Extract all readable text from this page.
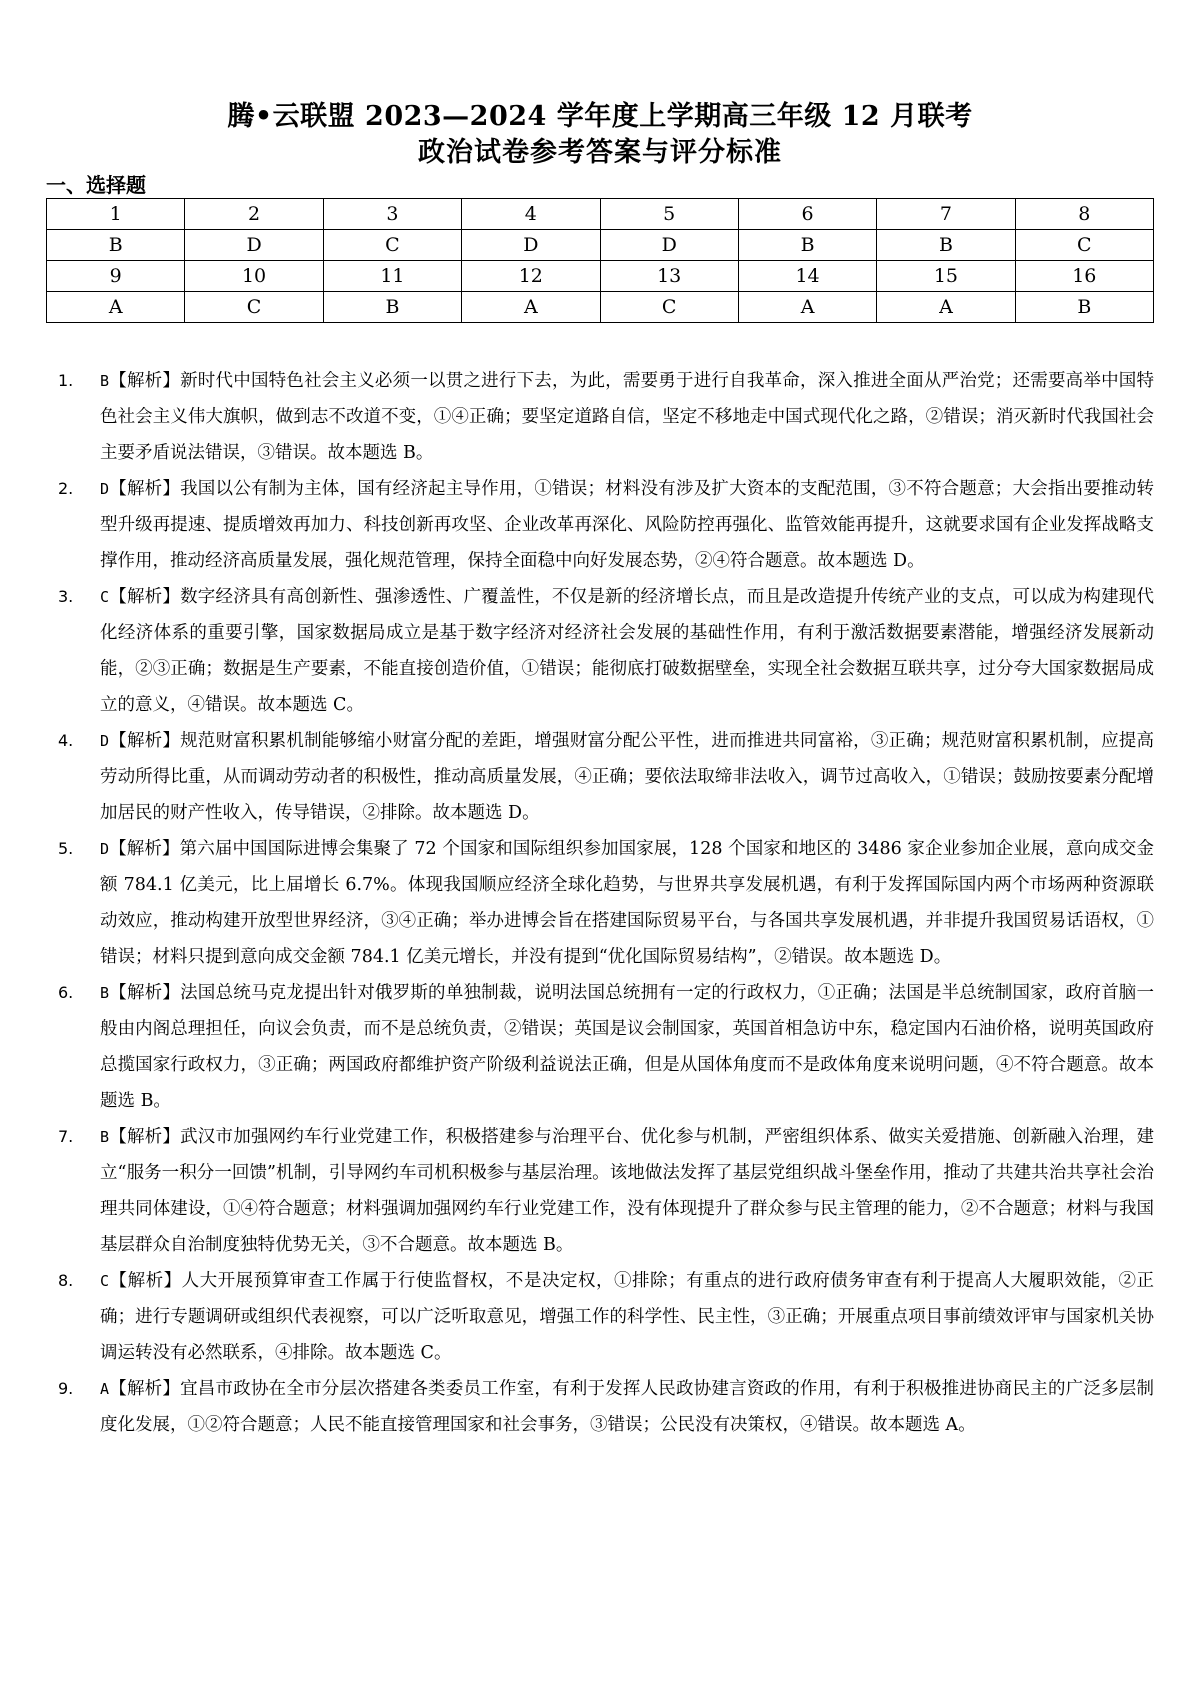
腾•云联盟 2023—2024 学年度上学期高三年级 12 月联考
政治试卷参考答案与评分标准
一、选择题
1	2	3	4	5	6	7	8
B	D	C	D	D	B	B	C
9	10	11	12	13	14	15	16
A	C	B	A	C	A	A	B
1. B【解析】新时代中国特色社会主义必须一以贯之进行下去，为此，需要勇于进行自我革命，深入推进全面从严治党；还需要高举中国特色社会主义伟大旗帜，做到志不改道不变，①④正确；要坚定道路自信，坚定不移地走中国式现代化之路，②错误；消灭新时代我国社会主要矛盾说法错误，③错误。故本题选 B。
2. D【解析】我国以公有制为主体，国有经济起主导作用，①错误；材料没有涉及扩大资本的支配范围，③不符合题意；大会指出要推动转型升级再提速、提质增效再加力、科技创新再攻坚、企业改革再深化、风险防控再强化、监管效能再提升，这就要求国有企业发挥战略支撑作用，推动经济高质量发展，强化规范管理，保持全面稳中向好发展态势，②④符合题意。故本题选 D。
3. C【解析】数字经济具有高创新性、强渗透性、广覆盖性，不仅是新的经济增长点，而且是改造提升传统产业的支点，可以成为构建现代化经济体系的重要引擎，国家数据局成立是基于数字经济对经济社会发展的基础性作用，有利于激活数据要素潜能，增强经济发展新动能，②③正确；数据是生产要素，不能直接创造价值，①错误；能彻底打破数据壁垒，实现全社会数据互联共享，过分夸大国家数据局成立的意义，④错误。故本题选 C。
4. D【解析】规范财富积累机制能够缩小财富分配的差距，增强财富分配公平性，进而推进共同富裕，③正确；规范财富积累机制，应提高劳动所得比重，从而调动劳动者的积极性，推动高质量发展，④正确；要依法取缔非法收入，调节过高收入，①错误；鼓励按要素分配增加居民的财产性收入，传导错误，②排除。故本题选 D。
5. D【解析】第六届中国国际进博会集聚了 72 个国家和国际组织参加国家展，128 个国家和地区的 3486 家企业参加企业展，意向成交金额 784.1 亿美元，比上届增长 6.7%。体现我国顺应经济全球化趋势，与世界共享发展机遇，有利于发挥国际国内两个市场两种资源联动效应，推动构建开放型世界经济，③④正确；举办进博会旨在搭建国际贸易平台，与各国共享发展机遇，并非提升我国贸易话语权，①错误；材料只提到意向成交金额 784.1 亿美元增长，并没有提到“优化国际贸易结构”，②错误。故本题选 D。
6. B【解析】法国总统马克龙提出针对俄罗斯的单独制裁，说明法国总统拥有一定的行政权力，①正确；法国是半总统制国家，政府首脑一般由内阁总理担任，向议会负责，而不是总统负责，②错误；英国是议会制国家，英国首相急访中东，稳定国内石油价格，说明英国政府总揽国家行政权力，③正确；两国政府都维护资产阶级利益说法正确，但是从国体角度而不是政体角度来说明问题，④不符合题意。故本题选 B。
7. B【解析】武汉市加强网约车行业党建工作，积极搭建参与治理平台、优化参与机制，严密组织体系、做实关爱措施、创新融入治理，建立“服务一积分一回馈”机制，引导网约车司机积极参与基层治理。该地做法发挥了基层党组织战斗堡垒作用，推动了共建共治共享社会治理共同体建设，①④符合题意；材料强调加强网约车行业党建工作，没有体现提升了群众参与民主管理的能力，②不合题意；材料与我国基层群众自治制度独特优势无关，③不合题意。故本题选 B。
8. C【解析】人大开展预算审查工作属于行使监督权，不是决定权，①排除；有重点的进行政府债务审查有利于提高人大履职效能，②正确；进行专题调研或组织代表视察，可以广泛听取意见，增强工作的科学性、民主性，③正确；开展重点项目事前绩效评审与国家机关协调运转没有必然联系，④排除。故本题选 C。
9. A【解析】宜昌市政协在全市分层次搭建各类委员工作室，有利于发挥人民政协建言资政的作用，有利于积极推进协商民主的广泛多层制度化发展，①②符合题意；人民不能直接管理国家和社会事务，③错误；公民没有决策权，④错误。故本题选 A。
